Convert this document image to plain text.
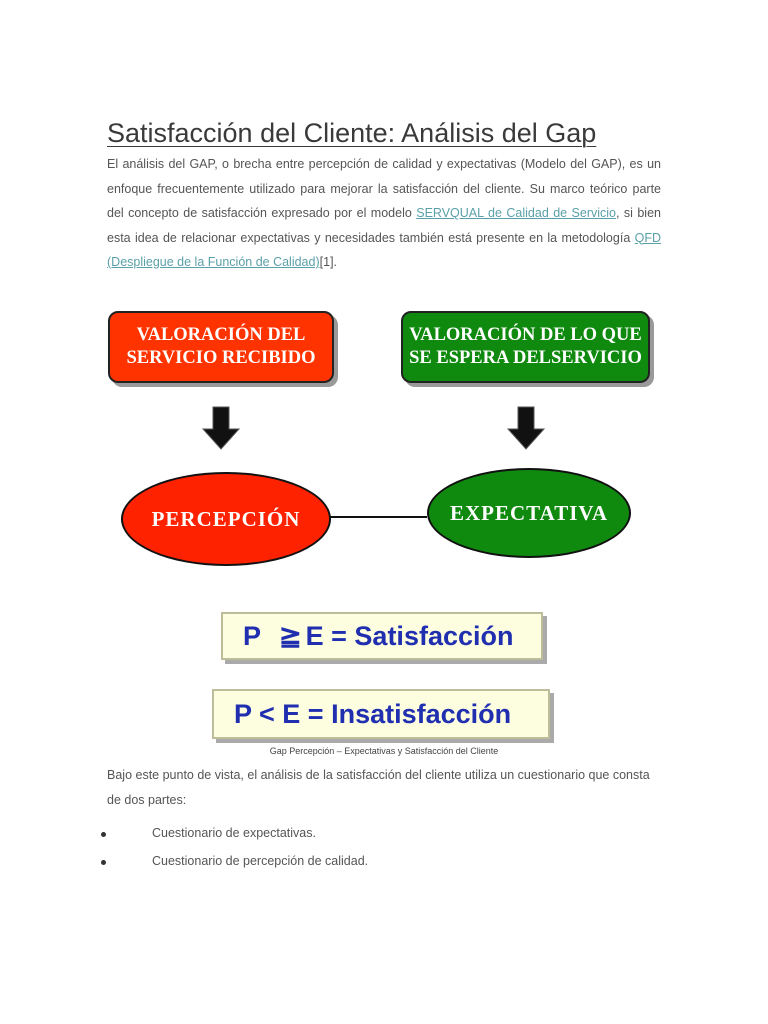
Satisfacción del Cliente: Análisis del Gap
El análisis del GAP, o brecha entre percepción de calidad y expectativas (Modelo del GAP), es un enfoque frecuentemente utilizado para mejorar la satisfacción del cliente. Su marco teórico parte del concepto de satisfacción expresado por el modelo SERVQUAL de Calidad de Servicio, si bien esta idea de relacionar expectativas y necesidades también está presente en la metodología QFD (Despliegue de la Función de Calidad)[1].
VALORACIÓN DEL
SERVICIO RECIBIDO
VALORACIÓN DE LO QUE
SE ESPERA DELSERVICIO
PERCEPCIÓN	EXPECTATIVA
P ≧ E = Satisfacción
P < E = Insatisfacción
Gap Percepción – Expectativas y Satisfacción del Cliente
Bajo este punto de vista, el análisis de la satisfacción del cliente utiliza un cuestionario que consta de dos partes:
Cuestionario de expectativas.
Cuestionario de percepción de calidad.
